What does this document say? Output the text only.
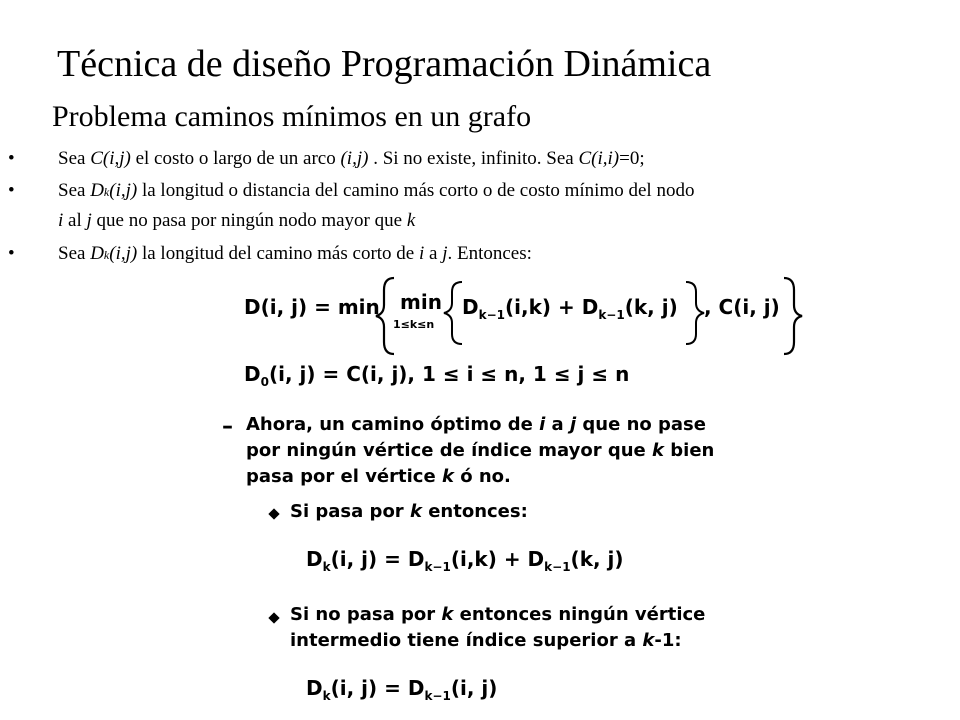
Técnica de diseño Programación Dinámica
Problema caminos mínimos en un grafo
• Sea C(i,j) el costo o largo de un arco (i,j) . Si no existe, infinito. Sea C(i,i)=0;
• Sea Dk(i,j) la longitud o distancia del camino más corto o de costo mínimo del nodo
i al j que no pasa por ningún nodo mayor que k
• Sea Dk(i,j) la longitud del camino más corto de i a j. Entonces:
D(i, j) = min min
1≤k≤n
$D_{k-1}(i,k) + D_{k-1}(k$, j) , C(i, j)
$D_0(i$, j) = C(i, j), 1 ≤ i ≤ n, 1 ≤ j ≤ n
– Ahora, un camino óptimo de i a j que no pase
por ningún vértice de índice mayor que k bien
pasa por el vértice k ó no.
Si pasa por k entonces:
$D_k(i$, $j) = D_{k-1}(i,k) + D_{k-1}(k$, j)
Si no pasa por k entonces ningún vértice
intermedio tiene índice superior a k-1:
$D_k(i$, $j) = D_{k-1}(i$, j)
